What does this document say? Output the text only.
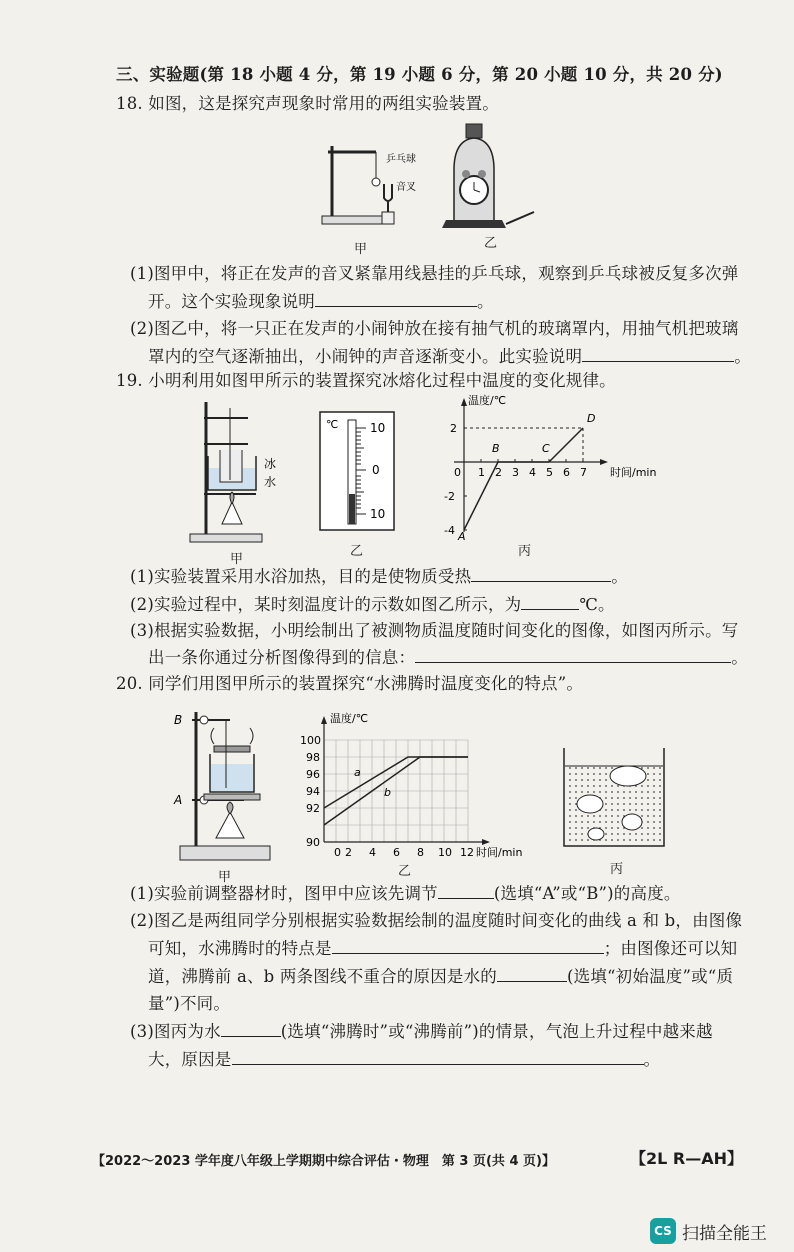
三、实验题(第 18 小题 4 分，第 19 小题 6 分，第 20 小题 10 分，共 20 分)
18. 如图，这是探究声现象时常用的两组实验装置。
乒乓球
音叉
甲	乙
(1)图甲中，将正在发声的音叉紧靠用线悬挂的乒乓球，观察到乒乓球被反复多次弹
开。这个实验现象说明	。
(2)图乙中，将一只正在发声的小闹钟放在接有抽气机的玻璃罩内，用抽气机把玻璃
罩内的空气逐渐抽出，小闹钟的声音逐渐变小。此实验说明	。
19. 小明利用如图甲所示的装置探究冰熔化过程中温度的变化规律。
冰
水
甲
℃	10
0
10
乙
温度/℃
时间/min
0 1 2 3 4 5 6 7
2
-2
-4 A
B	C
D
丙
(1)实验装置采用水浴加热，目的是使物质受热	。
(2)实验过程中，某时刻温度计的示数如图乙所示，为	℃。
(3)根据实验数据，小明绘制出了被测物质温度随时间变化的图像，如图丙所示。写
出一条你通过分析图像得到的信息：	。
20. 同学们用图甲所示的装置探究“水沸腾时温度变化的特点”。
B
A
甲
温度/℃
时间/min
100
98
96
94
92
90
0 2 4 6 8 10 12
a
b
乙	丙
(1)实验前调整器材时，图甲中应该先调节	(选填“A”或“B”)的高度。
(2)图乙是两组同学分别根据实验数据绘制的温度随时间变化的曲线 a 和 b，由图像
可知，水沸腾时的特点是	；由图像还可以知
道，沸腾前 a、b 两条图线不重合的原因是水的	(选填“初始温度”或“质
量”)不同。
(3)图丙为水	(选填“沸腾时”或“沸腾前”)的情景，气泡上升过程中越来越
大，原因是	。
【2022～2023 学年度八年级上学期期中综合评估・物理　第 3 页(共 4 页)】	【2L R—AH】
CS 扫描全能王
